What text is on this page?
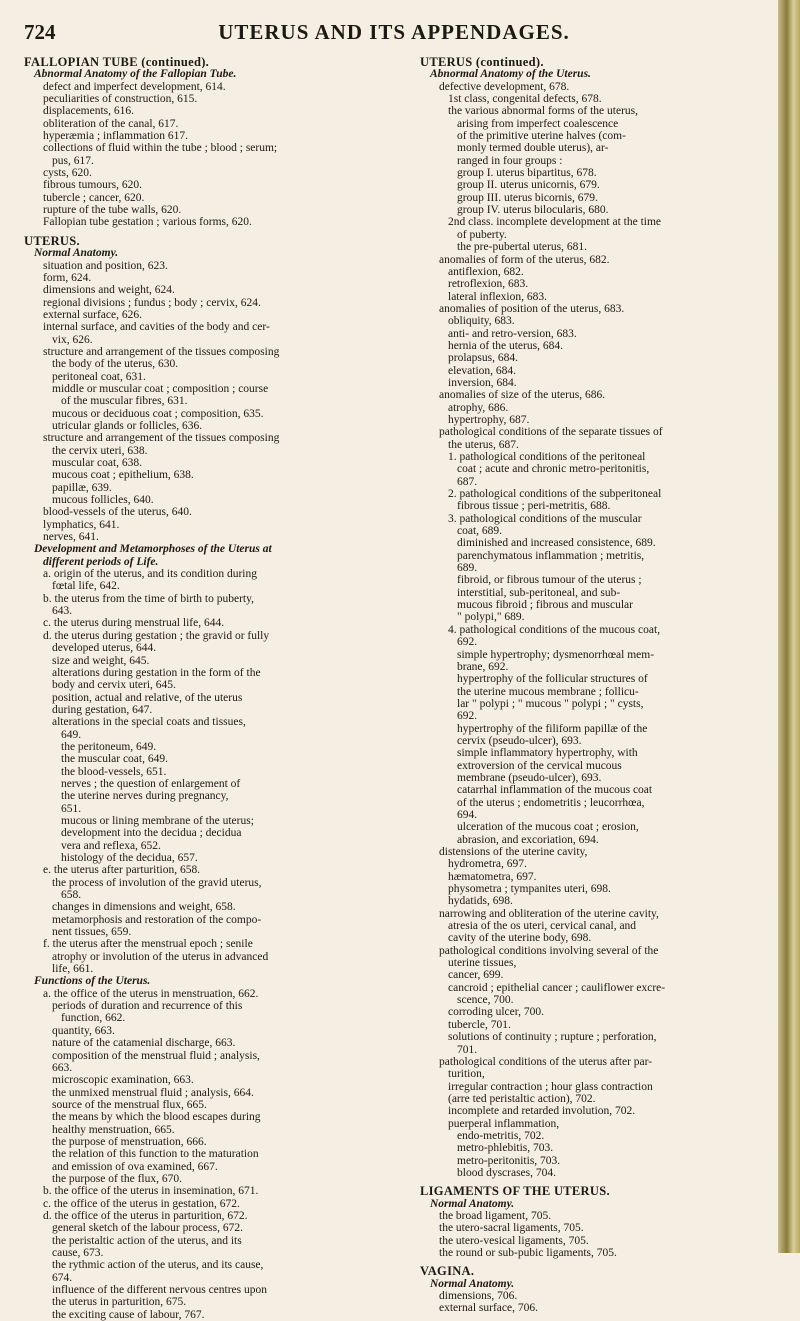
UTERUS AND ITS APPENDAGES.
724
FALLOPIAN TUBE (continued).
Abnormal Anatomy of the Fallopian Tube.
defect and imperfect development, 614.
peculiarities of construction, 615.
displacements, 616.
obliteration of the canal, 617.
hyperæmia ; inflammation 617.
collections of fluid within the tube ; blood ; serum;
pus, 617.
cysts, 620.
fibrous tumours, 620.
tubercle ; cancer, 620.
rupture of the tube walls, 620.
Fallopian tube gestation ; various forms, 620.
UTERUS.
Normal Anatomy.
situation and position, 623.
form, 624.
dimensions and weight, 624.
regional divisions ; fundus ; body ; cervix, 624.
external surface, 626.
internal surface, and cavities of the body and cer-
vix, 626.
structure and arrangement of the tissues composing
the body of the uterus, 630.
peritoneal coat, 631.
middle or muscular coat ; composition ; course
of the muscular fibres, 631.
mucous or deciduous coat ; composition, 635.
utricular glands or follicles, 636.
structure and arrangement of the tissues composing
the cervix uteri, 638.
muscular coat, 638.
mucous coat ; epithelium, 638.
papillæ, 639.
mucous follicles, 640.
blood-vessels of the uterus, 640.
lymphatics, 641.
nerves, 641.
Development and Metamorphoses of the Uterus at
different periods of Life.
a. origin of the uterus, and its condition during
fœtal life, 642.
b. the uterus from the time of birth to puberty,
643.
c. the uterus during menstrual life, 644.
d. the uterus during gestation ; the gravid or fully
developed uterus, 644.
size and weight, 645.
alterations during gestation in the form of the
body and cervix uteri, 645.
position, actual and relative, of the uterus
during gestation, 647.
alterations in the special coats and tissues,
649.
the peritoneum, 649.
the muscular coat, 649.
the blood-vessels, 651.
nerves ; the question of enlargement of
the uterine nerves during pregnancy,
651.
mucous or lining membrane of the uterus;
development into the decidua ; decidua
vera and reflexa, 652.
histology of the decidua, 657.
e. the uterus after parturition, 658.
the process of involution of the gravid uterus,
658.
changes in dimensions and weight, 658.
metamorphosis and restoration of the compo-
nent tissues, 659.
f. the uterus after the menstrual epoch ; senile
atrophy or involution of the uterus in advanced
life, 661.
Functions of the Uterus.
a. the office of the uterus in menstruation, 662.
periods of duration and recurrence of this
function, 662.
quantity, 663.
nature of the catamenial discharge, 663.
composition of the menstrual fluid ; analysis,
663.
microscopic examination, 663.
the unmixed menstrual fluid ; analysis, 664.
source of the menstrual flux, 665.
the means by which the blood escapes during
healthy menstruation, 665.
the purpose of menstruation, 666.
the relation of this function to the maturation
and emission of ova examined, 667.
the purpose of the flux, 670.
b. the office of the uterus in insemination, 671.
c. the office of the uterus in gestation, 672.
d. the office of the uterus in parturition, 672.
general sketch of the labour process, 672.
the peristaltic action of the uterus, and its
cause, 673.
the rythmic action of the uterus, and its cause,
674.
influence of the different nervous centres upon
the uterus in parturition, 675.
the exciting cause of labour, 767.
UTERUS (continued).
Abnormal Anatomy of the Uterus.
defective development, 678.
1st class, congenital defects, 678.
the various abnormal forms of the uterus,
arising from imperfect coalescence
of the primitive uterine halves (com-
monly termed double uterus), ar-
ranged in four groups :
group I. uterus bipartitus, 678.
group II. uterus unicornis, 679.
group III. uterus bicornis, 679.
group IV. uterus bilocularis, 680.
2nd class. incomplete development at the time
of puberty.
the pre-pubertal uterus, 681.
anomalies of form of the uterus, 682.
antiflexion, 682.
retroflexion, 683.
lateral inflexion, 683.
anomalies of position of the uterus, 683.
obliquity, 683.
anti- and retro-version, 683.
hernia of the uterus, 684.
prolapsus, 684.
elevation, 684.
inversion, 684.
anomalies of size of the uterus, 686.
atrophy, 686.
hypertrophy, 687.
pathological conditions of the separate tissues of
the uterus, 687.
1. pathological conditions of the peritoneal
coat ; acute and chronic metro-peritonitis,
687.
2. pathological conditions of the subperitoneal
fibrous tissue ; peri-metritis, 688.
3. pathological conditions of the muscular
coat, 689.
diminished and increased consistence, 689.
parenchymatous inflammation ; metritis,
689.
fibroid, or fibrous tumour of the uterus ;
interstitial, sub-peritoneal, and sub-
mucous fibroid ; fibrous and muscular
" polypi," 689.
4. pathological conditions of the mucous coat,
692.
simple hypertrophy; dysmenorrhœal mem-
brane, 692.
hypertrophy of the follicular structures of
the uterine mucous membrane ; follicu-
lar " polypi ; " mucous " polypi ; " cysts,
692.
hypertrophy of the filiform papillæ of the
cervix (pseudo-ulcer), 693.
simple inflammatory hypertrophy, with
extroversion of the cervical mucous
membrane (pseudo-ulcer), 693.
catarrhal inflammation of the mucous coat
of the uterus ; endometritis ; leucorrhœa,
694.
ulceration of the mucous coat ; erosion,
abrasion, and excoriation, 694.
distensions of the uterine cavity,
hydrometra, 697.
hæmatometra, 697.
physometra ; tympanites uteri, 698.
hydatids, 698.
narrowing and obliteration of the uterine cavity,
atresia of the os uteri, cervical canal, and
cavity of the uterine body, 698.
pathological conditions involving several of the
uterine tissues,
cancer, 699.
cancroid ; epithelial cancer ; cauliflower excre-
scence, 700.
corroding ulcer, 700.
tubercle, 701.
solutions of continuity ; rupture ; perforation,
701.
pathological conditions of the uterus after par-
turition,
irregular contraction ; hour glass contraction
(arre ted peristaltic action), 702.
incomplete and retarded involution, 702.
puerperal inflammation,
endo-metritis, 702.
metro-phlebitis, 703.
metro-peritonitis, 703.
blood dyscrases, 704.
LIGAMENTS OF THE UTERUS.
Normal Anatomy.
the broad ligament, 705.
the utero-sacral ligaments, 705.
the utero-vesical ligaments, 705.
the round or sub-pubic ligaments, 705.
VAGINA.
Normal Anatomy.
dimensions, 706.
external surface, 706.
